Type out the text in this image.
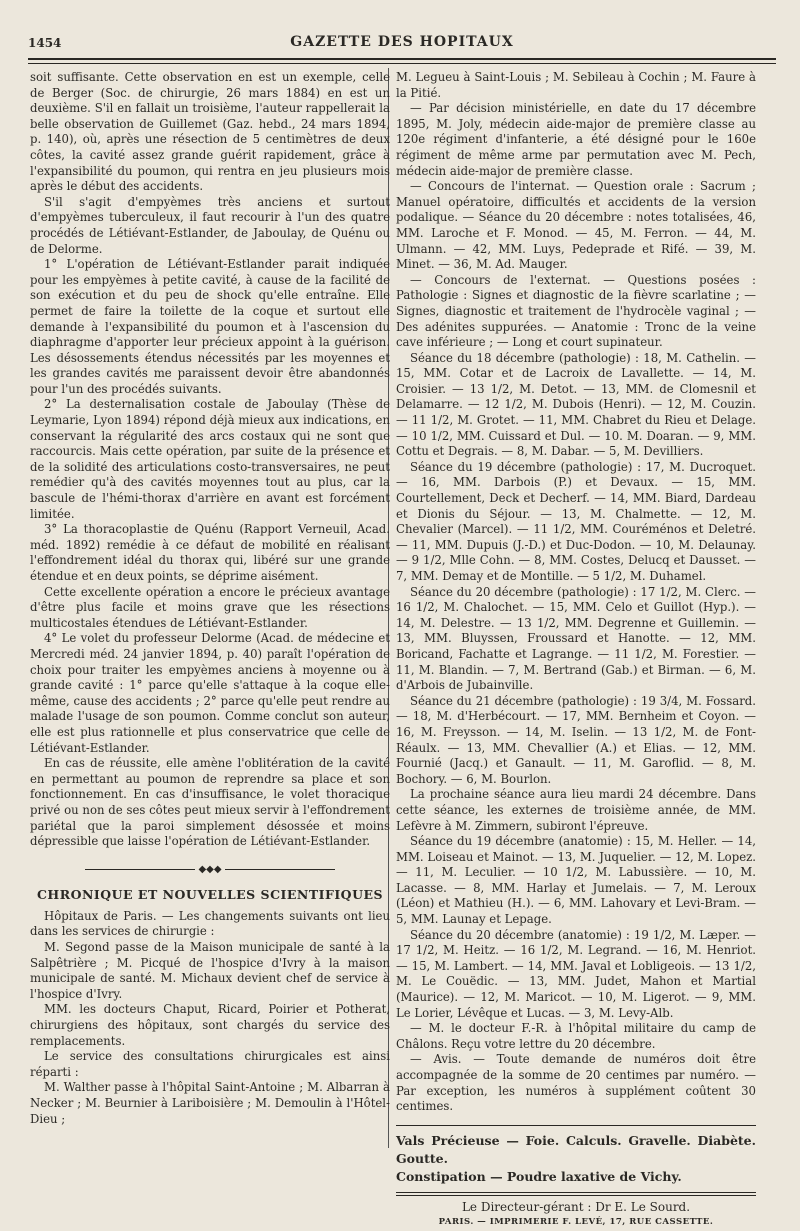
1454	GAZETTE DES HOPITAUX

soit suffisante. Cette observation en est un exemple, celle de Berger (Soc. de chirurgie, 26 mars 1884) en est un deuxième. S'il en fallait un troisième, l'auteur rappellerait la belle observation de Guillemet (Gaz. hebd., 24 mars 1894, p. 140), où, après une résection de 5 centimètres de deux côtes, la cavité assez grande guérit rapidement, grâce à l'expansibilité du poumon, qui rentra en jeu plusieurs mois après le début des accidents.

S'il s'agit d'empyèmes très anciens et surtout d'empyèmes tuberculeux, il faut recourir à l'un des quatre procédés de Létiévant-Estlander, de Jaboulay, de Quénu ou de Delorme.

1° L'opération de Létiévant-Estlander parait indiquée pour les empyèmes à petite cavité, à cause de la facilité de son exécution et du peu de shock qu'elle entraîne. Elle permet de faire la toilette de la coque et surtout elle demande à l'expansibilité du poumon et à l'ascension du diaphragme d'apporter leur précieux appoint à la guérison. Les désossements étendus nécessités par les moyennes et les grandes cavités me paraissent devoir être abandonnés pour l'un des procédés suivants.

2° La desternalisation costale de Jaboulay (Thèse de Leymarie, Lyon 1894) répond déjà mieux aux indications, en conservant la régularité des arcs costaux qui ne sont que raccourcis. Mais cette opération, par suite de la présence et de la solidité des articulations costo-transversaires, ne peut remédier qu'à des cavités moyennes tout au plus, car la bascule de l'hémi-thorax d'arrière en avant est forcément limitée.

3° La thoracoplastie de Quénu (Rapport Verneuil, Acad. méd. 1892) remédie à ce défaut de mobilité en réalisant l'effondrement idéal du thorax qui, libéré sur une grande étendue et en deux points, se déprime aisément.

Cette excellente opération a encore le précieux avantage d'être plus facile et moins grave que les résections multicostales étendues de Létiévant-Estlander.

4° Le volet du professeur Delorme (Acad. de médecine et Mercredi méd. 24 janvier 1894, p. 40) paraît l'opération de choix pour traiter les empyèmes anciens à moyenne ou à grande cavité : 1° parce qu'elle s'attaque à la coque elle-même, cause des accidents ; 2° parce qu'elle peut rendre au malade l'usage de son poumon. Comme conclut son auteur, elle est plus rationnelle et plus conservatrice que celle de Létiévant-Estlander.

En cas de réussite, elle amène l'oblitération de la cavité en permettant au poumon de reprendre sa place et son fonctionnement. En cas d'insuffisance, le volet thoracique privé ou non de ses côtes peut mieux servir à l'effondrement pariétal que la paroi simplement désossée et moins dépressible que laisse l'opération de Létiévant-Estlander.

◆◆◆
CHRONIQUE ET NOUVELLES SCIENTIFIQUES

Hôpitaux de Paris. — Les changements suivants ont lieu dans les services de chirurgie :

M. Segond passe de la Maison municipale de santé à la Salpêtrière ; M. Picqué de l'hospice d'Ivry à la maison municipale de santé. M. Michaux devient chef de service à l'hospice d'Ivry.

MM. les docteurs Chaput, Ricard, Poirier et Potherat, chirurgiens des hôpitaux, sont chargés du service des remplacements.

Le service des consultations chirurgicales est ainsi réparti :

M. Walther passe à l'hôpital Saint-Antoine ; M. Albarran à Necker ; M. Beurnier à Lariboisière ; M. Demoulin à l'Hôtel-Dieu ;

M. Legueu à Saint-Louis ; M. Sebileau à Cochin ; M. Faure à la Pitié.

— Par décision ministérielle, en date du 17 décembre 1895, M. Joly, médecin aide-major de première classe au 120e régiment d'infanterie, a été désigné pour le 160e régiment de même arme par permutation avec M. Pech, médecin aide-major de première classe.

— Concours de l'internat. — Question orale : Sacrum ; Manuel opératoire, difficultés et accidents de la version podalique. — Séance du 20 décembre : notes totalisées, 46, MM. Laroche et F. Monod. — 45, M. Ferron. — 44, M. Ulmann. — 42, MM. Luys, Pedeprade et Rifé. — 39, M. Minet. — 36, M. Ad. Mauger.

— Concours de l'externat. — Questions posées : Pathologie : Signes et diagnostic de la fièvre scarlatine ; — Signes, diagnostic et traitement de l'hydrocèle vaginal ; — Des adénites suppurées. — Anatomie : Tronc de la veine cave inférieure ; — Long et court supinateur.

Séance du 18 décembre (pathologie) : 18, M. Cathelin. — 15, MM. Cotar et de Lacroix de Lavallette. — 14, M. Croisier. — 13 1/2, M. Detot. — 13, MM. de Clomesnil et Delamarre. — 12 1/2, M. Dubois (Henri). — 12, M. Couzin. — 11 1/2, M. Grotet. — 11, MM. Chabret du Rieu et Delage. — 10 1/2, MM. Cuissard et Dul. — 10. M. Doaran. — 9, MM. Cottu et Degrais. — 8, M. Dabar. — 5, M. Devilliers.

Séance du 19 décembre (pathologie) : 17, M. Ducroquet. — 16, MM. Darbois (P.) et Devaux. — 15, MM. Courtellement, Deck et Decherf. — 14, MM. Biard, Dardeau et Dionis du Séjour. — 13, M. Chalmette. — 12, M. Chevalier (Marcel). — 11 1/2, MM. Couréménos et Deletré. — 11, MM. Dupuis (J.-D.) et Duc-Dodon. — 10, M. Delaunay. — 9 1/2, Mlle Cohn. — 8, MM. Costes, Delucq et Dausset. — 7, MM. Demay et de Montille. — 5 1/2, M. Duhamel.

Séance du 20 décembre (pathologie) : 17 1/2, M. Clerc. — 16 1/2, M. Chalochet. — 15, MM. Celo et Guillot (Hyp.). — 14, M. Delestre. — 13 1/2, MM. Degrenne et Guillemin. — 13, MM. Bluyssen, Froussard et Hanotte. — 12, MM. Boricand, Fachatte et Lagrange. — 11 1/2, M. Forestier. — 11, M. Blandin. — 7, M. Bertrand (Gab.) et Birman. — 6, M. d'Arbois de Jubainville.

Séance du 21 décembre (pathologie) : 19 3/4, M. Fossard. — 18, M. d'Herbécourt. — 17, MM. Bernheim et Coyon. — 16, M. Freysson. — 14, M. Iselin. — 13 1/2, M. de Font-Réaulx. — 13, MM. Chevallier (A.) et Elias. — 12, MM. Fournié (Jacq.) et Ganault. — 11, M. Garoflid. — 8, M. Bochory. — 6, M. Bourlon.

La prochaine séance aura lieu mardi 24 décembre. Dans cette séance, les externes de troisième année, de MM. Lefèvre à M. Zimmern, subiront l'épreuve.

Séance du 19 décembre (anatomie) : 15, M. Heller. — 14, MM. Loiseau et Mainot. — 13, M. Juquelier. — 12, M. Lopez. — 11, M. Leculier. — 10 1/2, M. Labussière. — 10, M. Lacasse. — 8, MM. Harlay et Jumelais. — 7, M. Leroux (Léon) et Mathieu (H.). — 6, MM. Lahovary et Levi-Bram. — 5, MM. Launay et Lepage.

Séance du 20 décembre (anatomie) : 19 1/2, M. Læper. — 17 1/2, M. Heitz. — 16 1/2, M. Legrand. — 16, M. Henriot. — 15, M. Lambert. — 14, MM. Javal et Lobligeois. — 13 1/2, M. Le Couëdic. — 13, MM. Judet, Mahon et Martial (Maurice). — 12, M. Maricot. — 10, M. Ligerot. — 9, MM. Le Lorier, Lévêque et Lucas. — 3, M. Levy-Alb.

— M. le docteur F.-R. à l'hôpital militaire du camp de Châlons. Reçu votre lettre du 20 décembre.

— Avis. — Toute demande de numéros doit être accompagnée de la somme de 20 centimes par numéro. — Par exception, les numéros à supplément coûtent 30 centimes.

Vals Précieuse — Foie. Calculs. Gravelle. Diabète. Goutte.

Constipation — Poudre laxative de Vichy.

Le Directeur-gérant : Dr E. Le Sourd.

PARIS. — IMPRIMERIE F. LEVÉ, 17, RUE CASSETTE.
